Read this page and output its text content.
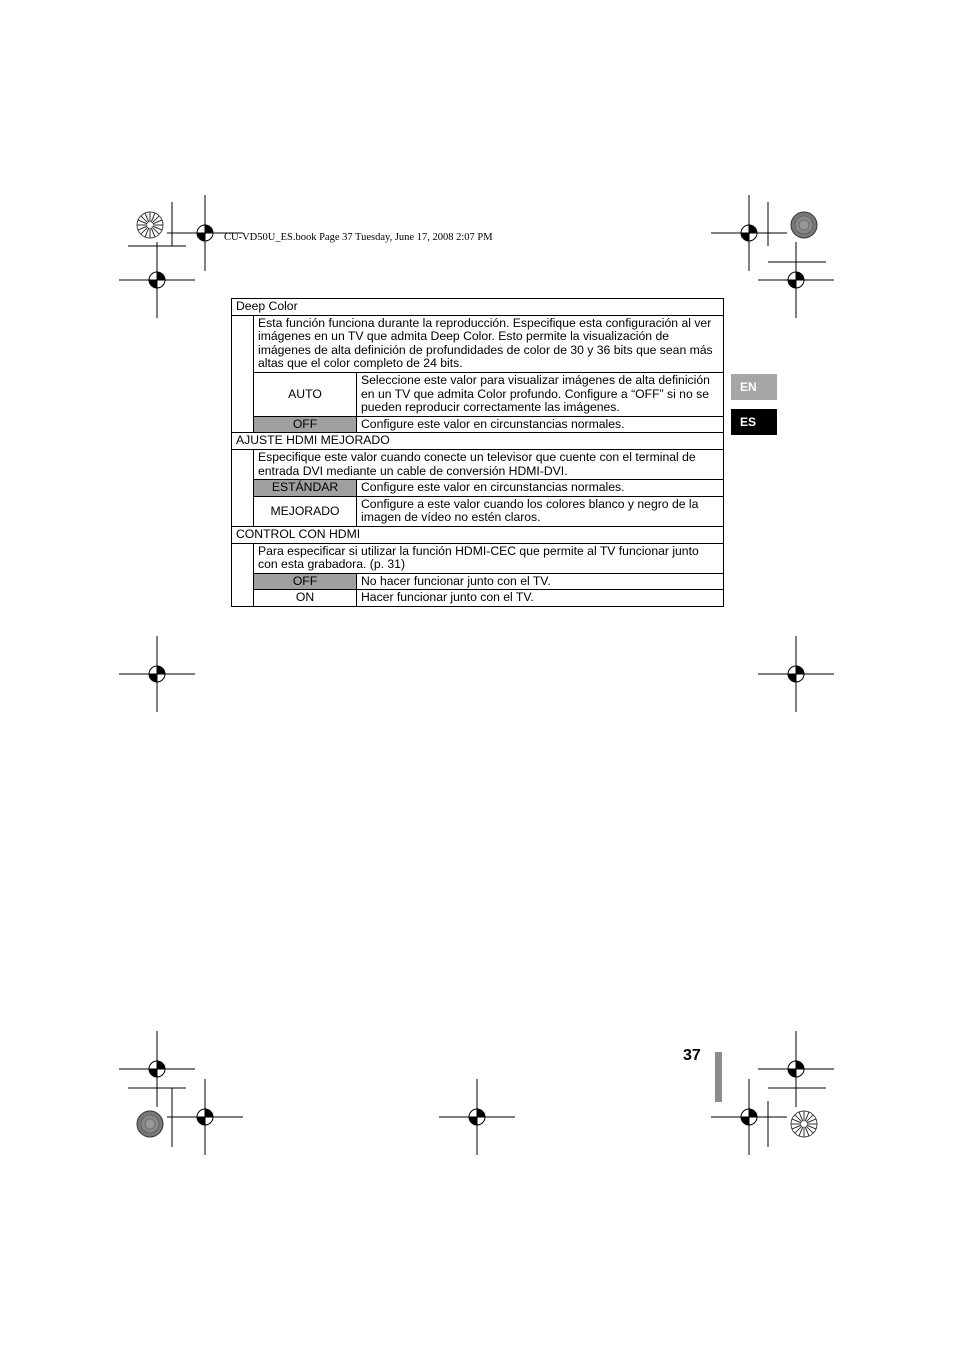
CU-VD50U_ES.book Page 37 Tuesday, June 17, 2008 2:07 PM
Deep Color		
	Esta función funciona durante la reproducción. Especifique esta configuración al ver imágenes en un TV que admita Deep Color. Esto permite la visualización de imágenes de alta definición de profundidades de color de 30 y 36 bits que sean más altas que el color completo de 24 bits.	
	AUTO	Seleccione este valor para visualizar imágenes de alta definición en un TV que admita Color profundo. Configure a “OFF” si no se pueden reproducir correctamente las imágenes.
	OFF	Configure este valor en circunstancias normales.
AJUSTE HDMI MEJORADO		
	Especifique este valor cuando conecte un televisor que cuente con el terminal de entrada DVI mediante un cable de conversión HDMI-DVI.	
	ESTÁNDAR	Configure este valor en circunstancias normales.
	MEJORADO	Configure a este valor cuando los colores blanco y negro de la imagen de vídeo no estén claros.
CONTROL CON HDMI		
	Para especificar si utilizar la función HDMI-CEC que permite al TV funcionar junto con esta grabadora. (p. 31)	
	OFF	No hacer funcionar junto con el TV.
	ON	Hacer funcionar junto con el TV.
EN
ES
37
